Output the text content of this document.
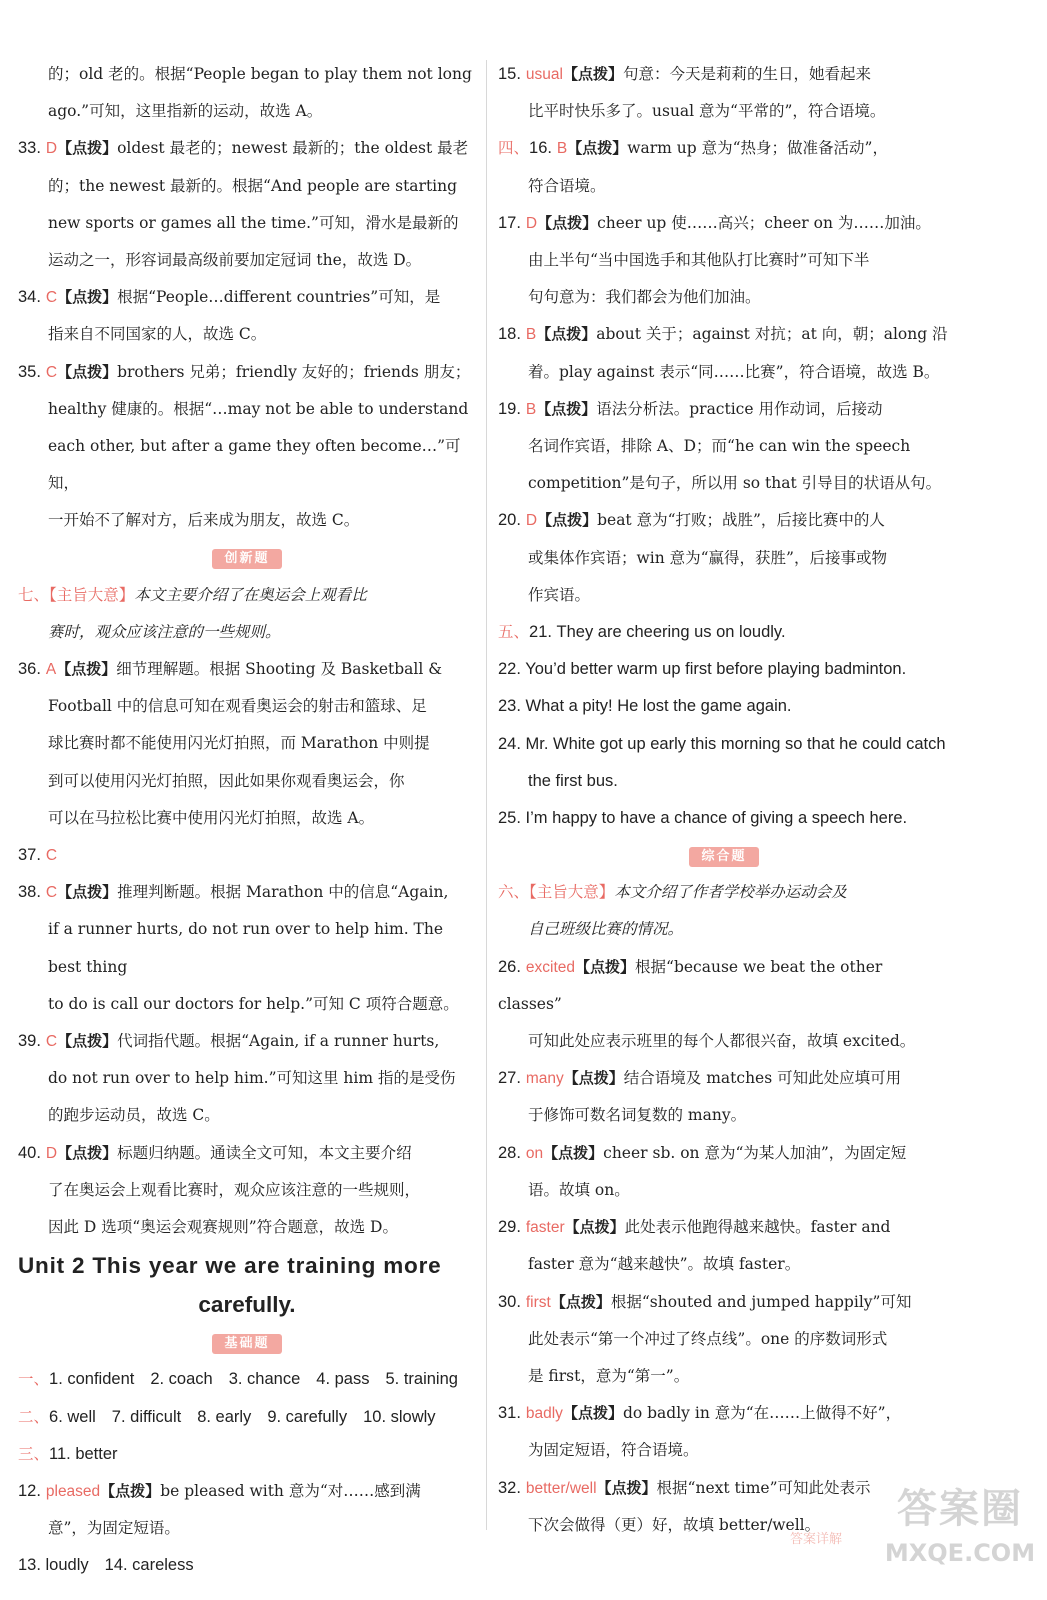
的；old 老的。根据“People began to play them not long

ago.”可知，这里指新的运动，故选 A。

33. D【点拨】oldest 最老的；newest 最新的；the oldest 最老

的；the newest 最新的。根据“And people are starting

new sports or games all the time.”可知，滑水是最新的

运动之一，形容词最高级前要加定冠词 the，故选 D。

34. C【点拨】根据“People…different countries”可知，是

指来自不同国家的人，故选 C。

35. C【点拨】brothers 兄弟；friendly 友好的；friends 朋友；

healthy 健康的。根据“…may not be able to understand

each other, but after a game they often become…”可知，

一开始不了解对方，后来成为朋友，故选 C。

创新题

七、【主旨大意】本文主要介绍了在奥运会上观看比

赛时，观众应该注意的一些规则。

36. A【点拨】细节理解题。根据 Shooting 及 Basketball &

Football 中的信息可知在观看奥运会的射击和篮球、足

球比赛时都不能使用闪光灯拍照，而 Marathon 中则提

到可以使用闪光灯拍照，因此如果你观看奥运会，你

可以在马拉松比赛中使用闪光灯拍照，故选 A。

37. C

38. C【点拨】推理判断题。根据 Marathon 中的信息“Again,

if a runner hurts, do not run over to help him. The best thing

to do is call our doctors for help.”可知 C 项符合题意。

39. C【点拨】代词指代题。根据“Again, if a runner hurts,

do not run over to help him.”可知这里 him 指的是受伤

的跑步运动员，故选 C。

40. D【点拨】标题归纳题。通读全文可知，本文主要介绍

了在奥运会上观看比赛时，观众应该注意的一些规则，

因此 D 选项“奥运会观赛规则”符合题意，故选 D。

Unit 2 This year we are training more
carefully.
基础题

一、1. confident 2. coach 3. chance 4. pass 5. training

二、6. well 7. difficult 8. early 9. carefully 10. slowly

三、11. better

12. pleased【点拨】be pleased with 意为“对……感到满

意”，为固定短语。

13. loudly 14. careless

15. usual【点拨】句意：今天是莉莉的生日，她看起来

比平时快乐多了。usual 意为“平常的”，符合语境。

四、16. B【点拨】warm up 意为“热身；做准备活动”，

符合语境。

17. D【点拨】cheer up 使……高兴；cheer on 为……加油。

由上半句“当中国选手和其他队打比赛时”可知下半

句句意为：我们都会为他们加油。

18. B【点拨】about 关于；against 对抗；at 向，朝；along 沿

着。play against 表示“同……比赛”，符合语境，故选 B。

19. B【点拨】语法分析法。practice 用作动词，后接动

名词作宾语，排除 A、D；而“he can win the speech

competition”是句子，所以用 so that 引导目的状语从句。

20. D【点拨】beat 意为“打败；战胜”，后接比赛中的人

或集体作宾语；win 意为“赢得，获胜”，后接事或物

作宾语。

五、21. They are cheering us on loudly.

22. You’d better warm up first before playing badminton.

23. What a pity! He lost the game again.

24. Mr. White got up early this morning so that he could catch

the first bus.

25. I’m happy to have a chance of giving a speech here.

综合题

六、【主旨大意】本文介绍了作者学校举办运动会及

自己班级比赛的情况。

26. excited【点拨】根据“because we beat the other classes”

可知此处应表示班里的每个人都很兴奋，故填 excited。

27. many【点拨】结合语境及 matches 可知此处应填可用

于修饰可数名词复数的 many。

28. on【点拨】cheer sb. on 意为“为某人加油”，为固定短

语。故填 on。

29. faster【点拨】此处表示他跑得越来越快。faster and

faster 意为“越来越快”。故填 faster。

30. first【点拨】根据“shouted and jumped happily”可知

此处表示“第一个冲过了终点线”。one 的序数词形式

是 first，意为“第一”。

31. badly【点拨】do badly in 意为“在……上做得不好”，

为固定短语，符合语境。

32. better/well【点拨】根据“next time”可知此处表示

下次会做得（更）好，故填 better/well。

答案详解
答案圈
MXQE.COM
